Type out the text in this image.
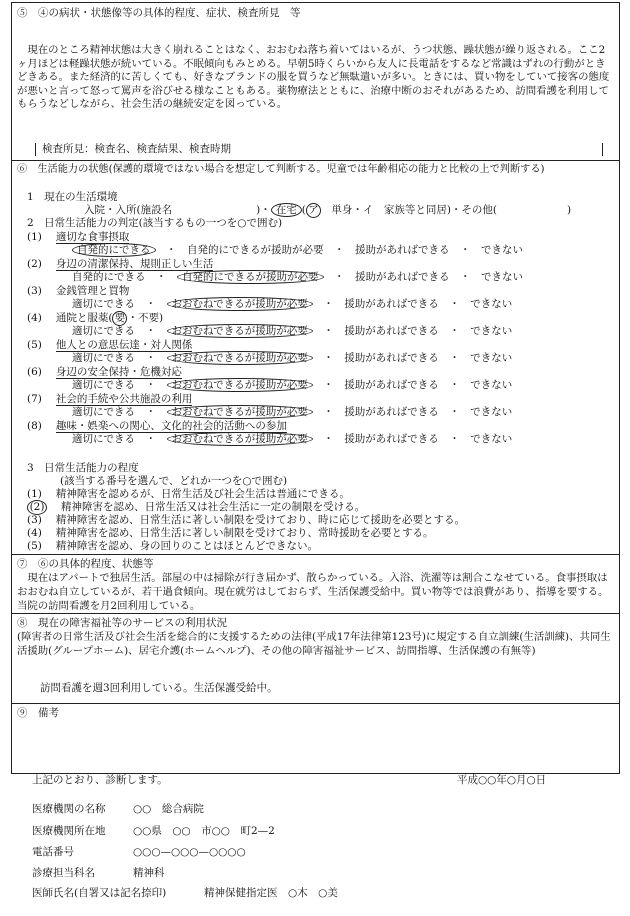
⑤　④の病状・状態像等の具体的程度、症状、検査所見　等
現在のところ精神状態は大きく崩れることはなく、おおむね落ち着いてはいるが、うつ状態、躁状態が繰り返される。ここ2ヶ月ほどは軽躁状態が続いている。不眠傾向もみとめる。早朝5時くらいから友人に長電話をするなど常識はずれの行動がときどきある。また経済的に苦しくても、好きなブランドの服を買うなど無駄遣いが多い。ときには、買い物をしていて接客の態度が悪いと言って怒って罵声を浴びせる様なこともある。薬物療法とともに、治療中断のおそれがあるため、訪問看護を利用してもらうなどしながら、社会生活の継続安定を図っている。
検査所見：検査名、検査結果、検査時期
⑥　生活能力の状態(保護的環境ではない場合を想定して判断する。児童では年齢相応の能力と比較の上で判断する)
1　現在の生活環境
入院・入所(施設名	)・ 在宅 ( ア　 単身・イ　家族等と同居)・その他(	)
2　日常生活能力の判定(該当するもの一つを○で囲む)
(1) 適切な食事摂取
自発的にできる　・　自発的にできるが援助が必要　・　援助があればできる　・　できない
(2) 身辺の清潔保持、規則正しい生活
自発的にできる　・　自発的にできるが援助が必要　・　援助があればできる　・　できない
(3) 金銭管理と買物
適切にできる　・　おおむねできるが援助が必要　・　援助があればできる　・　できない
(4) 通院と服薬( 要 ・不要)
適切にできる　・　おおむねできるが援助が必要　・　援助があればできる　・　できない
(5) 他人との意思伝達・対人関係
適切にできる　・　おおむねできるが援助が必要　・　援助があればできる　・　できない
(6) 身辺の安全保持・危機対応
適切にできる　・　おおむねできるが援助が必要　・　援助があればできる　・　できない
(7) 社会的手続や公共施設の利用
適切にできる　・　おおむねできるが援助が必要　・　援助があればできる　・　できない
(8) 趣味・娯楽への関心、文化的社会的活動への参加
適切にできる　・　おおむねできるが援助が必要　・　援助があればできる　・　できない
3　日常生活能力の程度
(該当する番号を選んで、どれか一つを○で囲む)
(1) 精神障害を認めるが、日常生活及び社会生活は普通にできる。
(2) 精神障害を認め、日常生活又は社会生活に一定の制限を受ける。
(3) 精神障害を認め、日常生活に著しい制限を受けており、時に応じて援助を必要とする。
(4) 精神障害を認め、日常生活に著しい制限を受けており、常時援助を必要とする。
(5) 精神障害を認め、身の回りのことはほとんどできない。
⑦　⑥の具体的程度、状態等
現在はアパートで独居生活。部屋の中は掃除が行き届かず、散らかっている。入浴、洗濯等は割合こなせている。食事摂取はおおむね自立しているが、若干過食傾向。現在就労はしておらず、生活保護受給中。買い物等では浪費があり、指導を要する。当院の訪問看護を月2回利用している。
⑧　現在の障害福祉等のサービスの利用状況
(障害者の日常生活及び社会生活を総合的に支援するための法律(平成17年法律第123号)に規定する自立訓練(生活訓練)、共同生活援助(グループホーム)、居宅介護(ホームヘルプ)、その他の障害福祉サービス、訪問指導、生活保護の有無等)
訪問看護を週3回利用している。生活保護受給中。
⑨　備考
上記のとおり、診断します。	平成○○年○月○日
医療機関の名称	○○　総合病院
医療機関所在地	○○県　○○　市○○　町2—2
電話番号	○○○—○○○—○○○○
診療担当科名	精神科
医師氏名(自署又は記名捺印)	精神保健指定医　○木　○美
